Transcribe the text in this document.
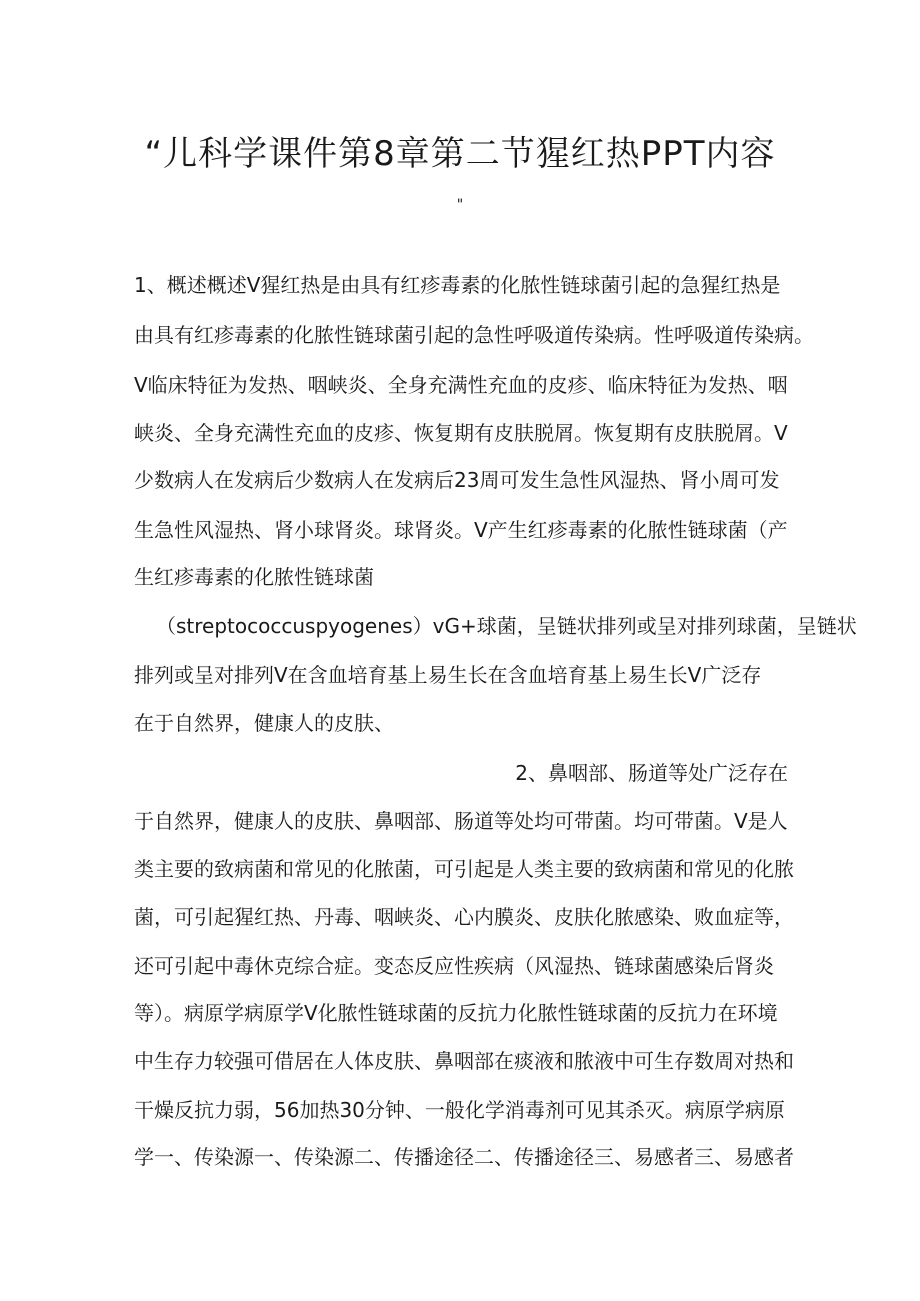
“儿科学课件第8章第二节猩红热PPT内容
"

1、概述概述V猩红热是由具有红疹毒素的化脓性链球菌引起的急猩红热是

由具有红疹毒素的化脓性链球菌引起的急性呼吸道传染病。性呼吸道传染病。

V临床特征为发热、咽峡炎、全身充满性充血的皮疹、临床特征为发热、咽

峡炎、全身充满性充血的皮疹、恢复期有皮肤脱屑。恢复期有皮肤脱屑。V

少数病人在发病后少数病人在发病后23周可发生急性风湿热、肾小周可发

生急性风湿热、肾小球肾炎。球肾炎。V产生红疹毒素的化脓性链球菌（产

生红疹毒素的化脓性链球菌

（streptococcuspyogenes）vG+球菌，呈链状排列或呈对排列球菌，呈链状

排列或呈对排列V在含血培育基上易生长在含血培育基上易生长V广泛存

在于自然界，健康人的皮肤、

2、鼻咽部、肠道等处广泛存在

于自然界，健康人的皮肤、鼻咽部、肠道等处均可带菌。均可带菌。V是人

类主要的致病菌和常见的化脓菌，可引起是人类主要的致病菌和常见的化脓

菌，可引起猩红热、丹毒、咽峡炎、心内膜炎、皮肤化脓感染、败血症等，

还可引起中毒休克综合症。变态反应性疾病（风湿热、链球菌感染后肾炎

等）。病原学病原学V化脓性链球菌的反抗力化脓性链球菌的反抗力在环境

中生存力较强可借居在人体皮肤、鼻咽部在痰液和脓液中可生存数周对热和

干燥反抗力弱，56加热30分钟、一般化学消毒剂可见其杀灭。病原学病原

学一、传染源一、传染源二、传播途径二、传播途径三、易感者三、易感者
